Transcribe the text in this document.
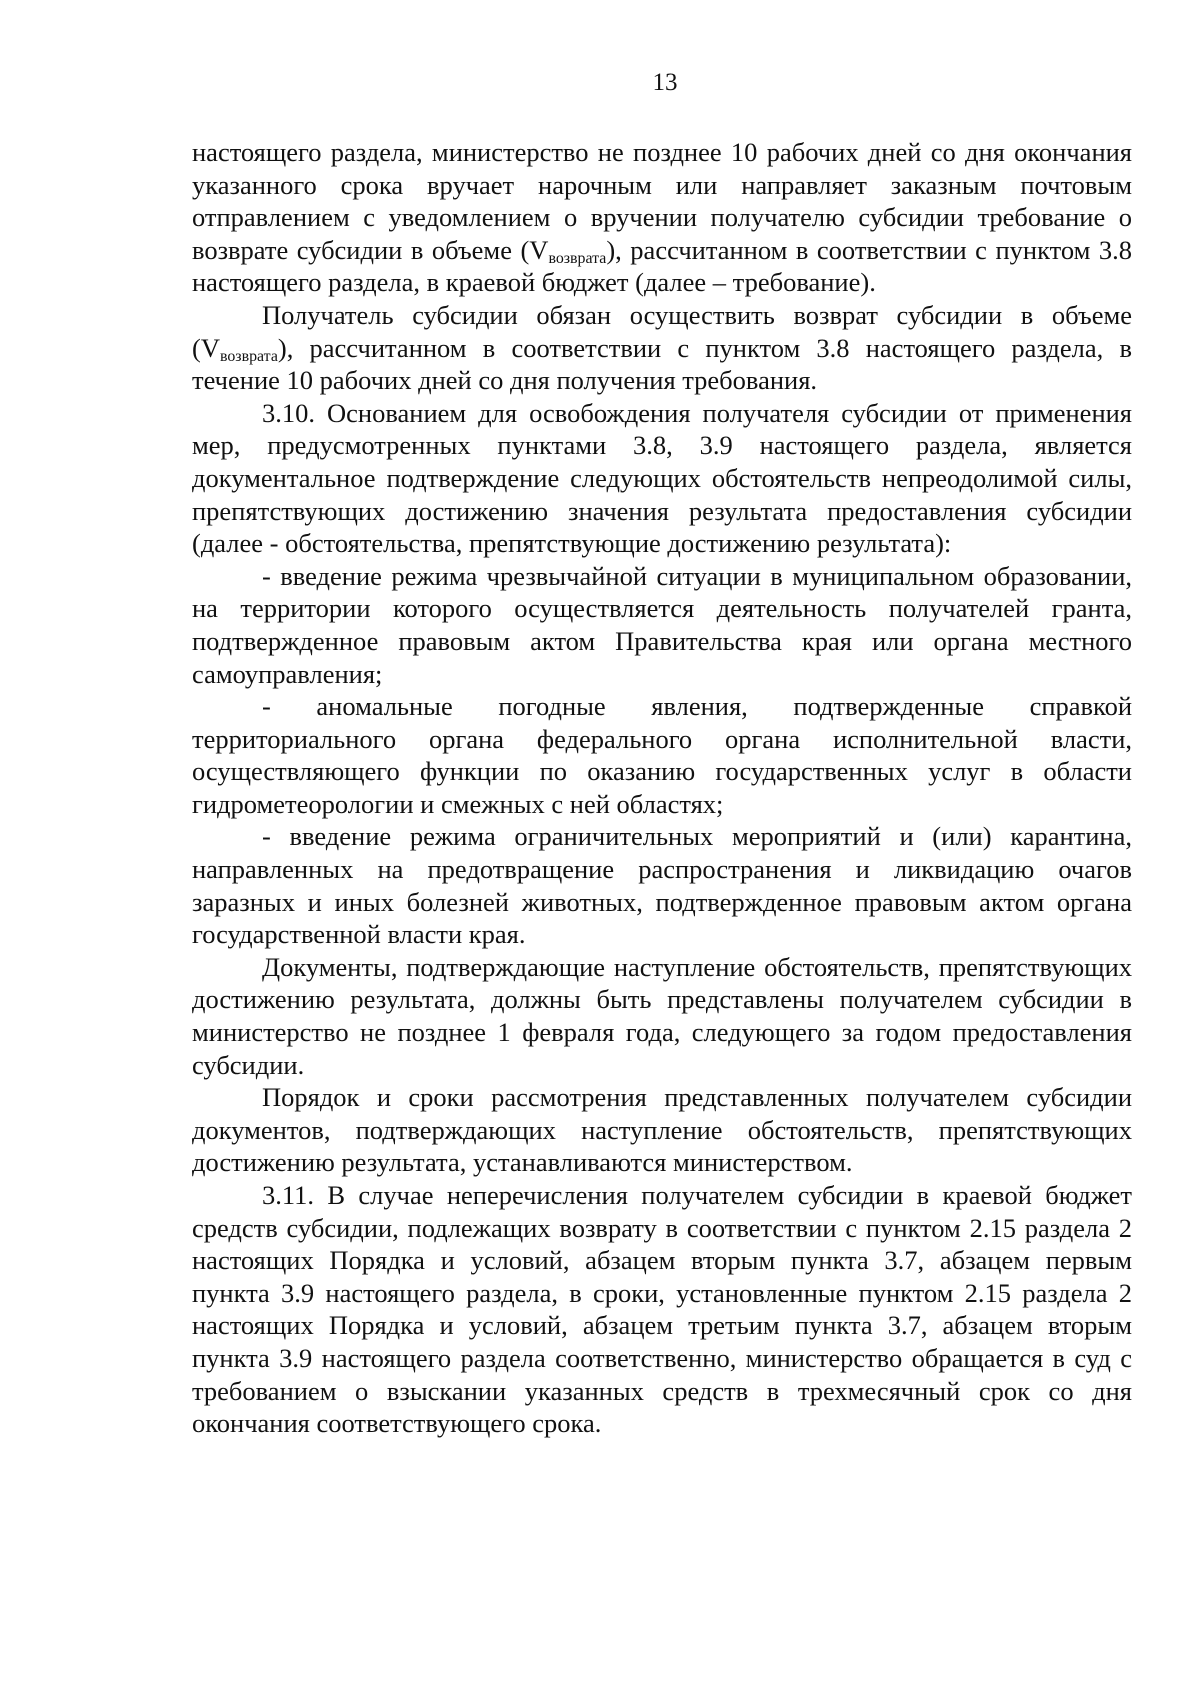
13

настоящего раздела, министерство не позднее 10 рабочих дней со дня окончания указанного срока вручает нарочным или направляет заказным почтовым отправлением с уведомлением о вручении получателю субсидии требование о возврате субсидии в объеме $(V_{возврата})$, рассчитанном в соответствии с пунктом 3.8 настоящего раздела, в краевой бюджет (далее – требование).

Получатель субсидии обязан осуществить возврат субсидии в объеме $(V_{возврата})$, рассчитанном в соответствии с пунктом 3.8 настоящего раздела, в течение 10 рабочих дней со дня получения требования.

3.10. Основанием для освобождения получателя субсидии от применения мер, предусмотренных пунктами 3.8, 3.9 настоящего раздела, является документальное подтверждение следующих обстоятельств непреодолимой силы, препятствующих достижению значения результата предоставления субсидии (далее - обстоятельства, препятствующие достижению результата):

- введение режима чрезвычайной ситуации в муниципальном образовании, на территории которого осуществляется деятельность получателей гранта, подтвержденное правовым актом Правительства края или органа местного самоуправления;

- аномальные погодные явления, подтвержденные справкой территориального органа федерального органа исполнительной власти, осуществляющего функции по оказанию государственных услуг в области гидрометеорологии и смежных с ней областях;

- введение режима ограничительных мероприятий и (или) карантина, направленных на предотвращение распространения и ликвидацию очагов заразных и иных болезней животных, подтвержденное правовым актом органа государственной власти края.

Документы, подтверждающие наступление обстоятельств, препятствующих достижению результата, должны быть представлены получателем субсидии в министерство не позднее 1 февраля года, следующего за годом предоставления субсидии.

Порядок и сроки рассмотрения представленных получателем субсидии документов, подтверждающих наступление обстоятельств, препятствующих достижению результата, устанавливаются министерством.

3.11. В случае неперечисления получателем субсидии в краевой бюджет средств субсидии, подлежащих возврату в соответствии с пунктом 2.15 раздела 2 настоящих Порядка и условий, абзацем вторым пункта 3.7, абзацем первым пункта 3.9 настоящего раздела, в сроки, установленные пунктом 2.15 раздела 2 настоящих Порядка и условий, абзацем третьим пункта 3.7, абзацем вторым пункта 3.9 настоящего раздела соответственно, министерство обращается в суд с требованием о взыскании указанных средств в трехмесячный срок со дня окончания соответствующего срока.
